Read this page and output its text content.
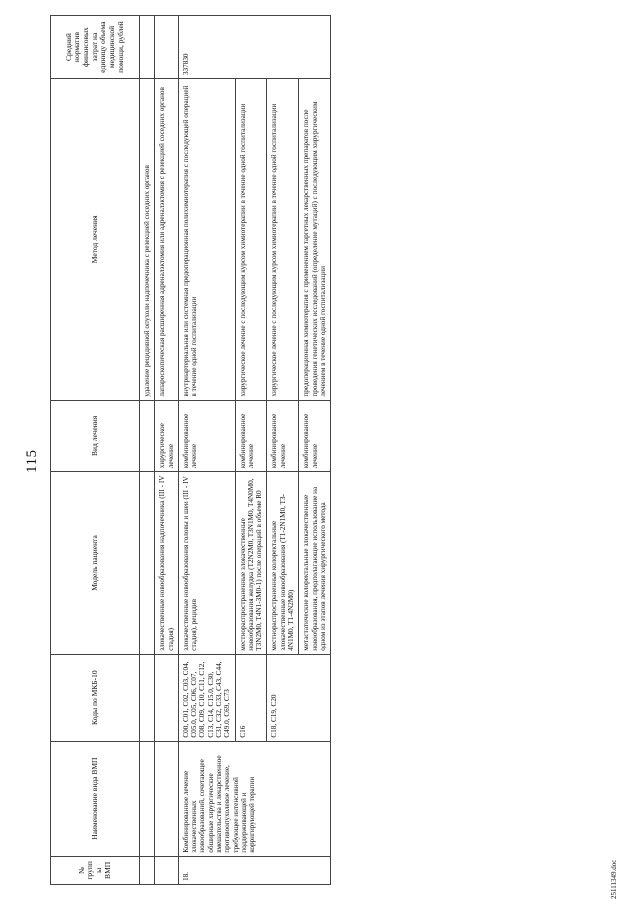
115
№ группы ВМП	Наименование вида ВМП	Коды по МКБ-10	Модель пациента	Вид лечения	Метод лечения	Средний норматив финансовых затрат на единицу объема медицинской помощи, рублей
					удаление рецидивной опухоли надпочечника с резекцией соседних органов	
			злокачественные новообразования надпочечника (III - IV стадия)	хирургическое лечение	лапароскопическая расширенная адреналэктомия или адреналэктомия с резекцией соседних органов	
18.	Комбинированное лечение злокачественных новообразований, сочетающее обширные хирургические вмешательства и лекарственное противоопухолевое лечение, требующее интенсивной поддерживающей и корригирующей терапии	C00, C01, C02, C03, C04, C05.0, C05, C06, C07, C08, C09, C10, C11, C12, C13, C14, C15.0, C30, C31, C32, C33, C43, C44, C49.0, C69, C73	злокачественные новообразования головы и шеи (III - IV стадия), рецидив	комбинированное лечение	внутриартериальная или системная предоперационная полихимиотерапия с последующей операцией в течение одной госпитализации	337830
		C16	местнораспространенные злокачественные новообразования желудка (T2N2M0, T3N1M0, T4N0M0, T3N2M0, T4N1-3M0-1) после операций в объеме R0	комбинированное лечение	хирургическое лечение с последующим курсом химиотерапии в течение одной госпитализации	
		C18, C19, C20	местнораспространенные колоректальные злокачественные новообразования (T1-2N1M0, T3-4N1M0, T1-4N2M0)	комбинированное лечение	хирургическое лечение с последующим курсом химиотерапии в течение одной госпитализации	
			метастатические колоректальные злокачественные новообразования, предполагающие использование на одном из этапов лечения хирургического метода	комбинированное лечение	предоперационная химиотерапия с применением таргетных лекарственных препаратов после проведения генетических исследований (определение мутаций) с последующим хирургическим лечением в течение одной госпитализации	
25111349.doc
